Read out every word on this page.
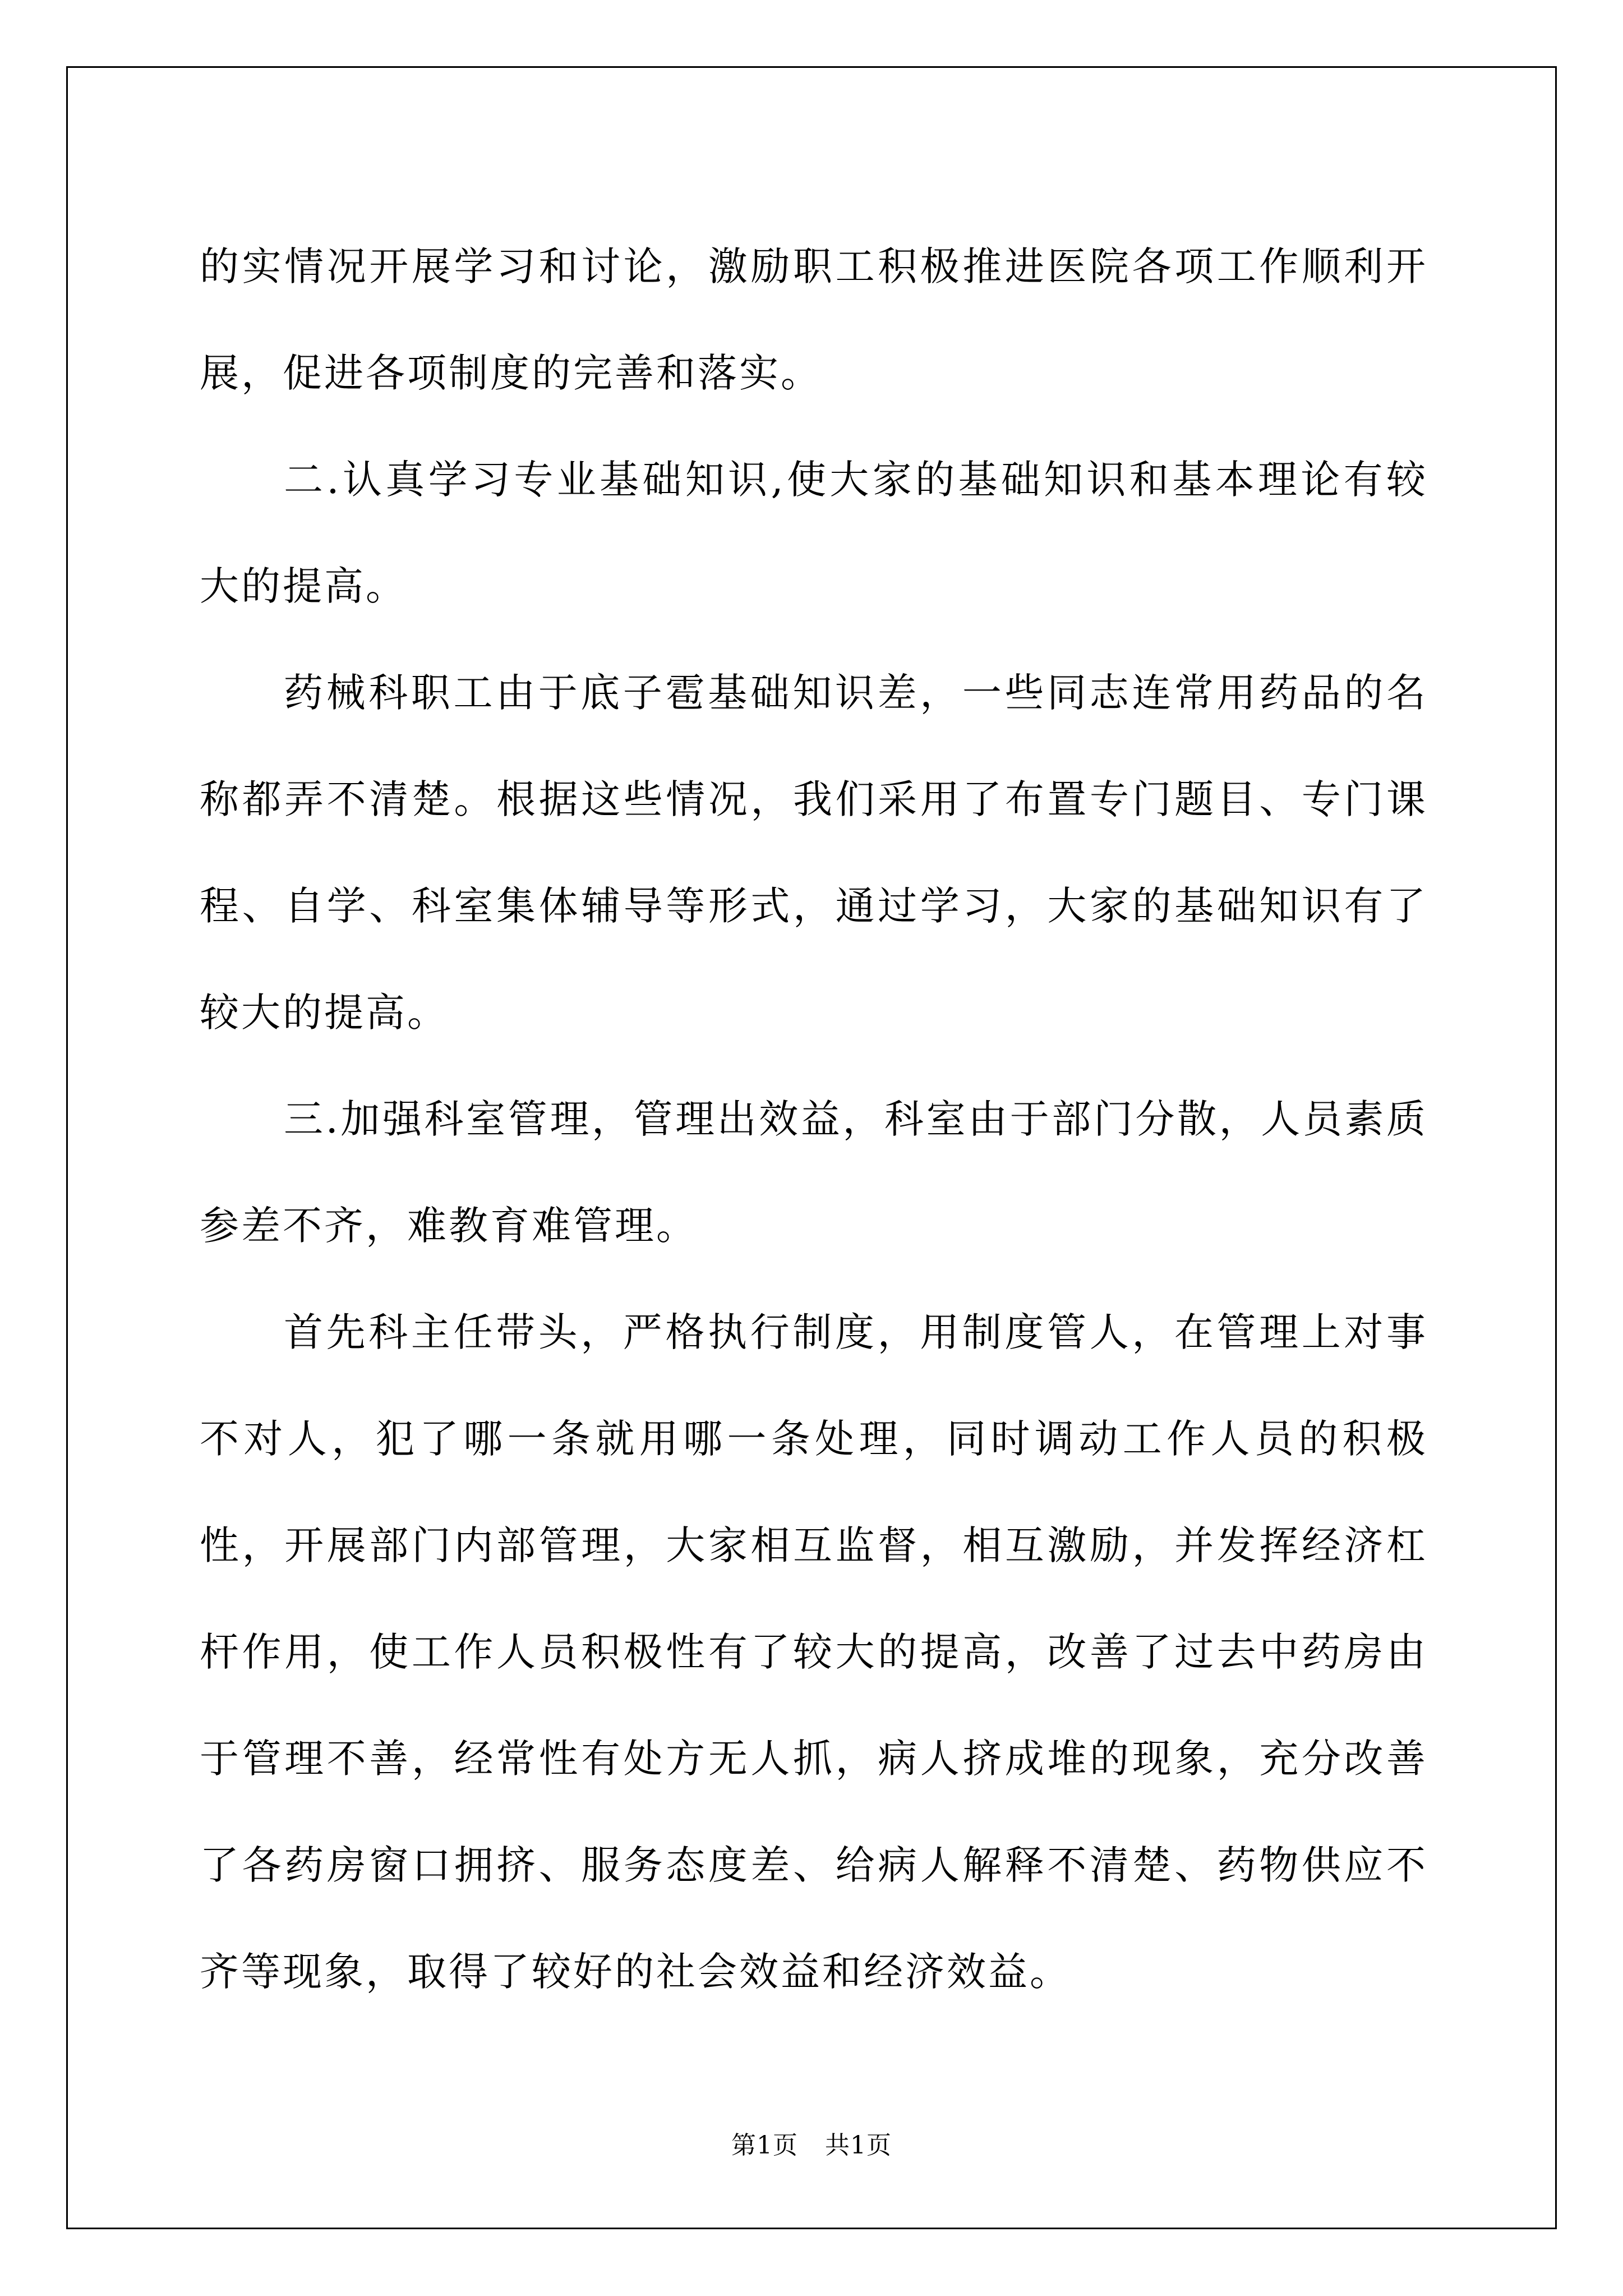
的实情况开展学习和讨论，激励职工积极推进医院各项工作顺利开展，促进各项制度的完善和落实。

二.认真学习专业基础知识,使大家的基础知识和基本理论有较大的提高。

药械科职工由于底子雹基础知识差，一些同志连常用药品的名称都弄不清楚。根据这些情况，我们采用了布置专门题目、专门课程、自学、科室集体辅导等形式，通过学习，大家的基础知识有了较大的提高。

三.加强科室管理，管理出效益，科室由于部门分散，人员素质参差不齐，难教育难管理。

首先科主任带头，严格执行制度，用制度管人，在管理上对事不对人，犯了哪一条就用哪一条处理，同时调动工作人员的积极性，开展部门内部管理，大家相互监督，相互激励，并发挥经济杠杆作用，使工作人员积极性有了较大的提高，改善了过去中药房由于管理不善，经常性有处方无人抓，病人挤成堆的现象，充分改善了各药房窗口拥挤、服务态度差、给病人解释不清楚、药物供应不齐等现象，取得了较好的社会效益和经济效益。

第1页 共1页
